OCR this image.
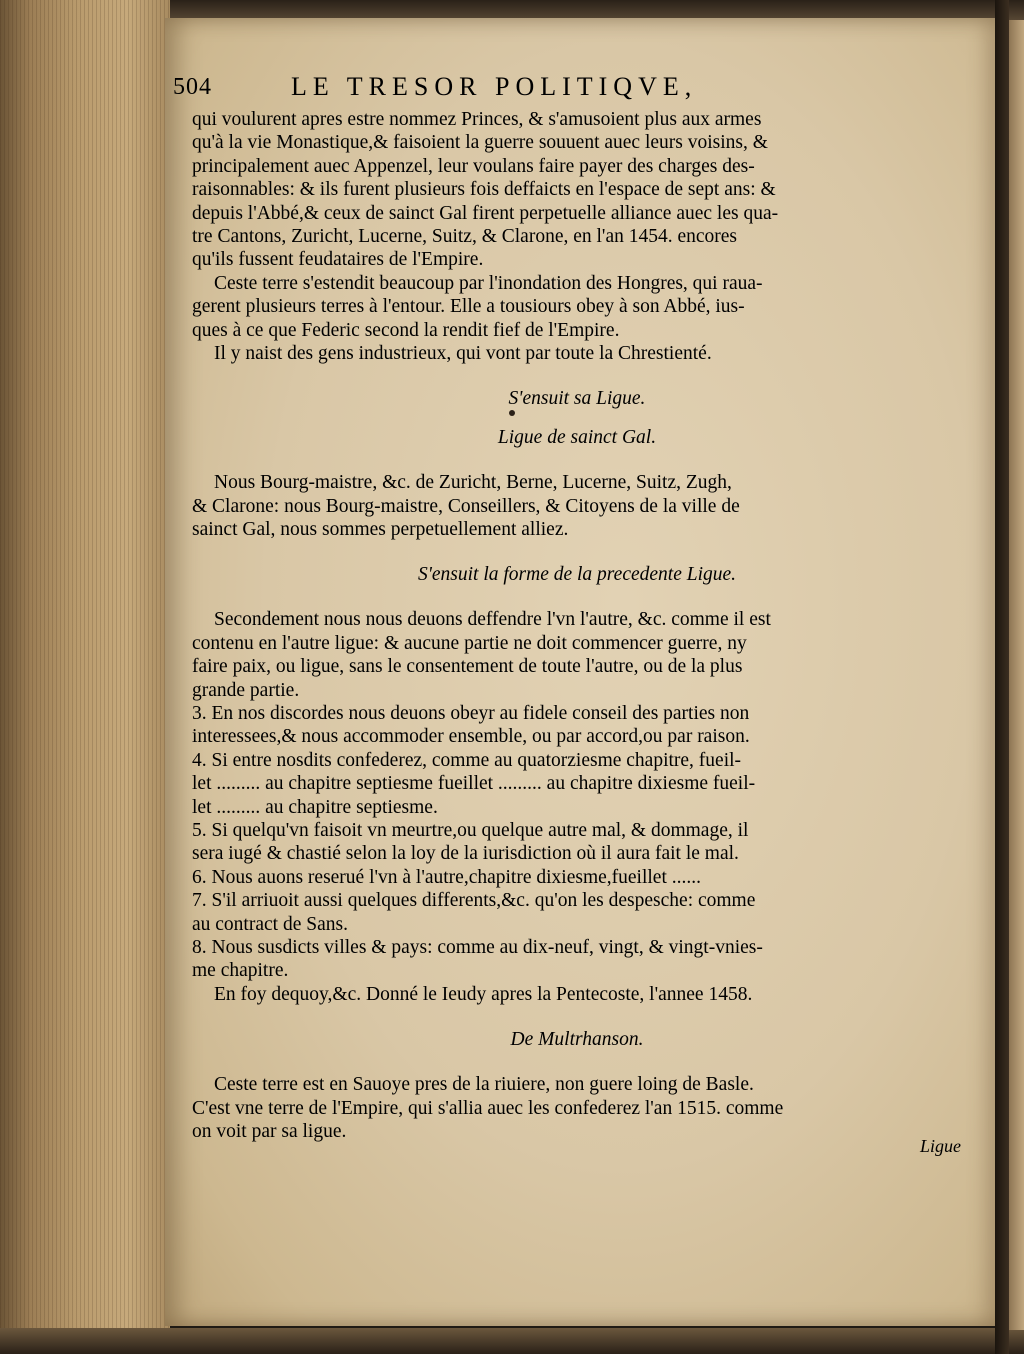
504	LE TRESOR POLITIQVE,
qui voulurent apres estre nommez Princes, & s'amusoient plus aux armes
qu'à la vie Monastique,& faisoient la guerre souuent auec leurs voisins, &
principalement auec Appenzel, leur voulans faire payer des charges des-
raisonnables: & ils furent plusieurs fois deffaicts en l'espace de sept ans: &
depuis l'Abbé,& ceux de sainct Gal firent perpetuelle alliance auec les qua-
tre Cantons, Zuricht, Lucerne, Suitz, & Clarone, en l'an 1454. encores
qu'ils fussent feudataires de l'Empire.
Ceste terre s'estendit beaucoup par l'inondation des Hongres, qui raua-
gerent plusieurs terres à l'entour. Elle a tousiours obey à son Abbé, ius-
ques à ce que Federic second la rendit fief de l'Empire.
Il y naist des gens industrieux, qui vont par toute la Chrestienté.
S'ensuit sa Ligue.
Ligue de sainct Gal.
Nous Bourg-maistre, &c. de Zuricht, Berne, Lucerne, Suitz, Zugh,
& Clarone: nous Bourg-maistre, Conseillers, & Citoyens de la ville de
sainct Gal, nous sommes perpetuellement alliez.
S'ensuit la forme de la precedente Ligue.
Secondement nous nous deuons deffendre l'vn l'autre, &c. comme il est
contenu en l'autre ligue: & aucune partie ne doit commencer guerre, ny
faire paix, ou ligue, sans le consentement de toute l'autre, ou de la plus
grande partie.
3. En nos discordes nous deuons obeyr au fidele conseil des parties non
interessees,& nous accommoder ensemble, ou par accord,ou par raison.
4. Si entre nosdits confederez, comme au quatorziesme chapitre, fueil-
let ......... au chapitre septiesme fueillet ......... au chapitre dixiesme fueil-
let ......... au chapitre septiesme.
5. Si quelqu'vn faisoit vn meurtre,ou quelque autre mal, & dommage, il
sera iugé & chastié selon la loy de la iurisdiction où il aura fait le mal.
6. Nous auons reserué l'vn à l'autre,chapitre dixiesme,fueillet ......
7. S'il arriuoit aussi quelques differents,&c. qu'on les despesche: comme
au contract de Sans.
8. Nous susdicts villes & pays: comme au dix-neuf, vingt, & vingt-vnies-
me chapitre.
En foy dequoy,&c. Donné le Ieudy apres la Pentecoste, l'annee 1458.
De Multrhanson.
Ceste terre est en Sauoye pres de la riuiere, non guere loing de Basle.
C'est vne terre de l'Empire, qui s'allia auec les confederez l'an 1515. comme
on voit par sa ligue.
Ligue
